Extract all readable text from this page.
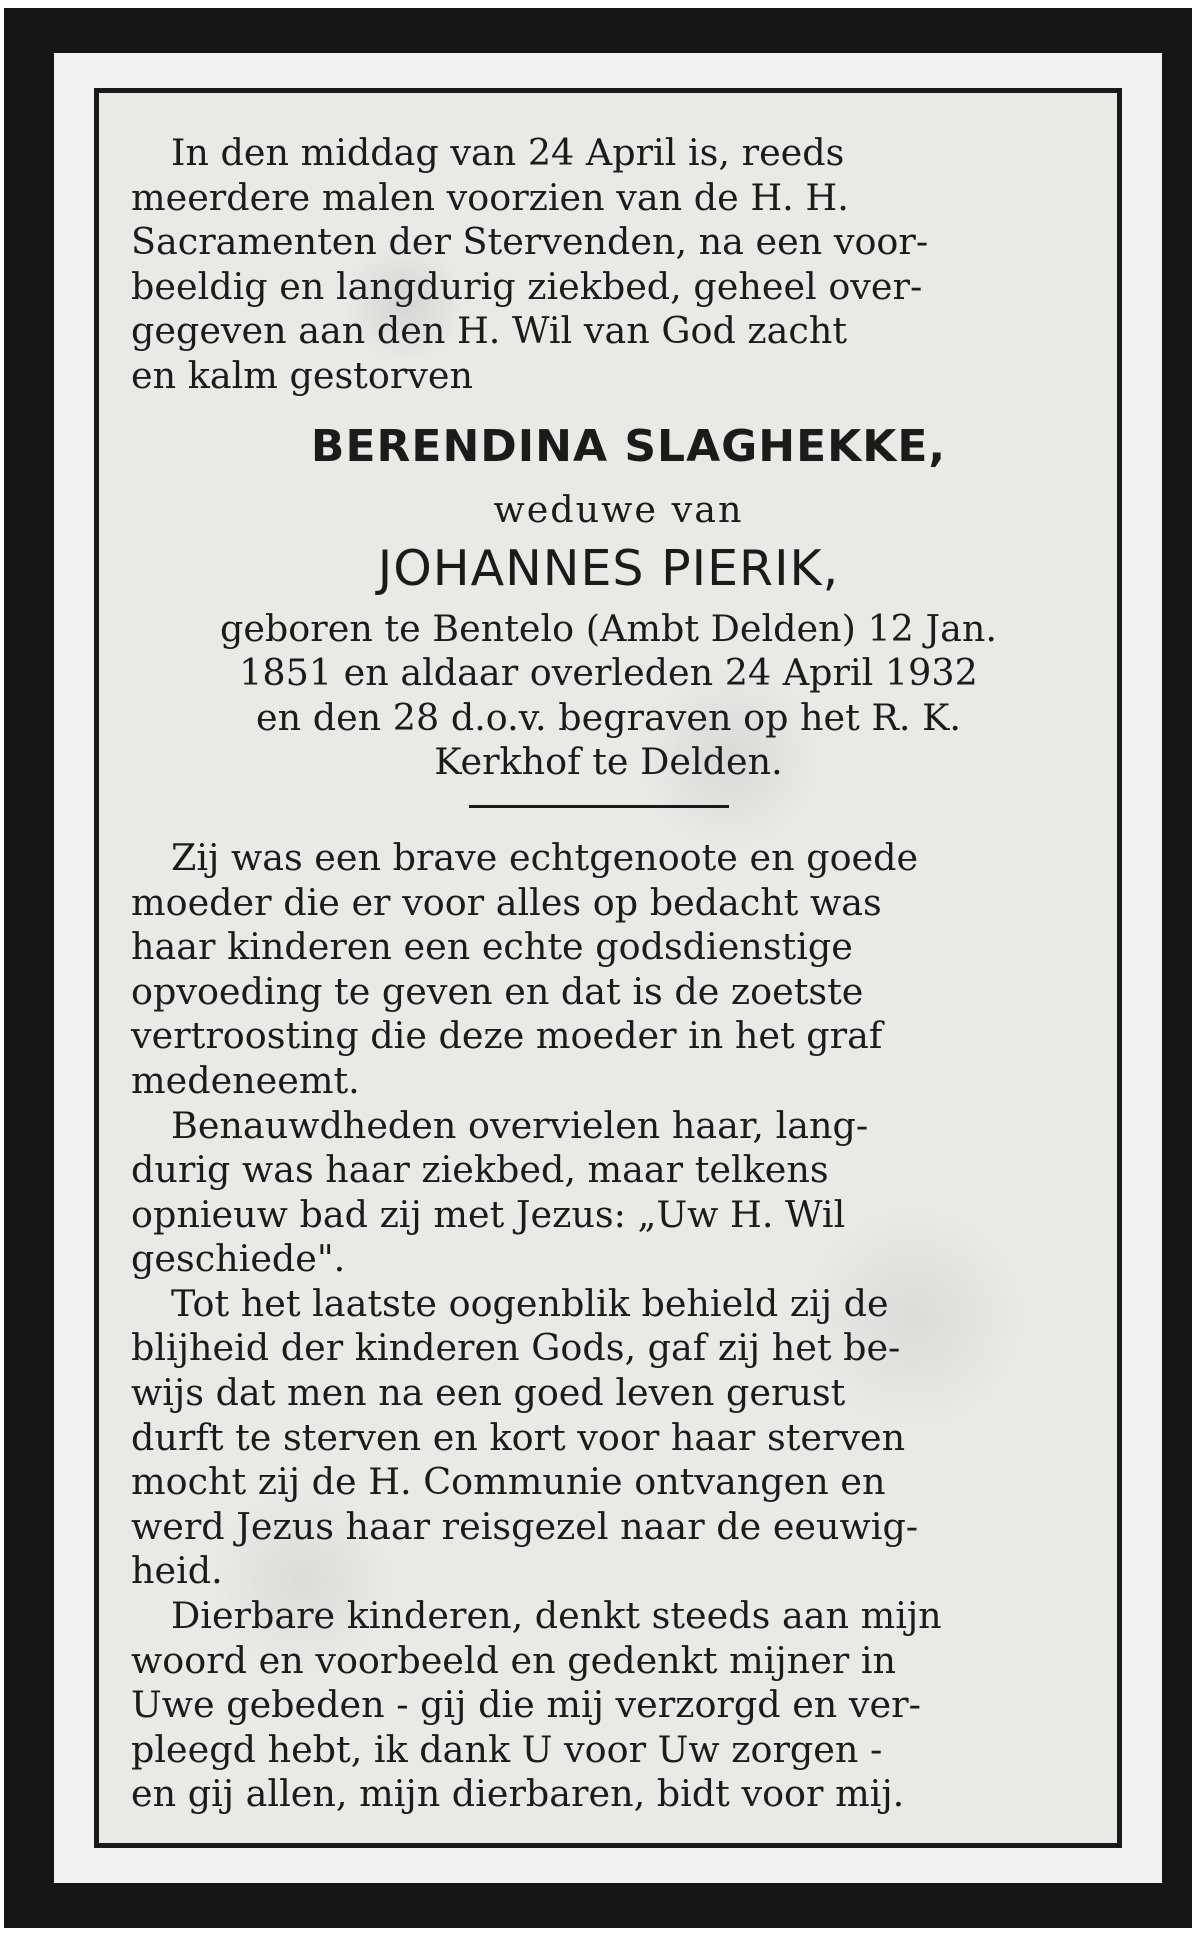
In den middag van 24 April is, reeds
meerdere malen voorzien van de H. H.
Sacramenten der Stervenden, na een voor-
beeldig en langdurig ziekbed, geheel over-
gegeven aan den H. Wil van God zacht
en kalm gestorven

BERENDINA SLAGHEKKE,
weduwe van
JOHANNES PIERIK,
geboren te Bentelo (Ambt Delden) 12 Jan.
1851 en aldaar overleden 24 April 1932
en den 28 d.o.v. begraven op het R. K.
Kerkhof te Delden.

Zij was een brave echtgenoote en goede
moeder die er voor alles op bedacht was
haar kinderen een echte godsdienstige
opvoeding te geven en dat is de zoetste
vertroosting die deze moeder in het graf
medeneemt.

Benauwdheden overvielen haar, lang-
durig was haar ziekbed, maar telkens
opnieuw bad zij met Jezus: „Uw H. Wil
geschiede".

Tot het laatste oogenblik behield zij de
blijheid der kinderen Gods, gaf zij het be-
wijs dat men na een goed leven gerust
durft te sterven en kort voor haar sterven
mocht zij de H. Communie ontvangen en
werd Jezus haar reisgezel naar de eeuwig-
heid.

Dierbare kinderen, denkt steeds aan mijn
woord en voorbeeld en gedenkt mijner in
Uwe gebeden - gij die mij verzorgd en ver-
pleegd hebt, ik dank U voor Uw zorgen -
en gij allen, mijn dierbaren, bidt voor mij.
